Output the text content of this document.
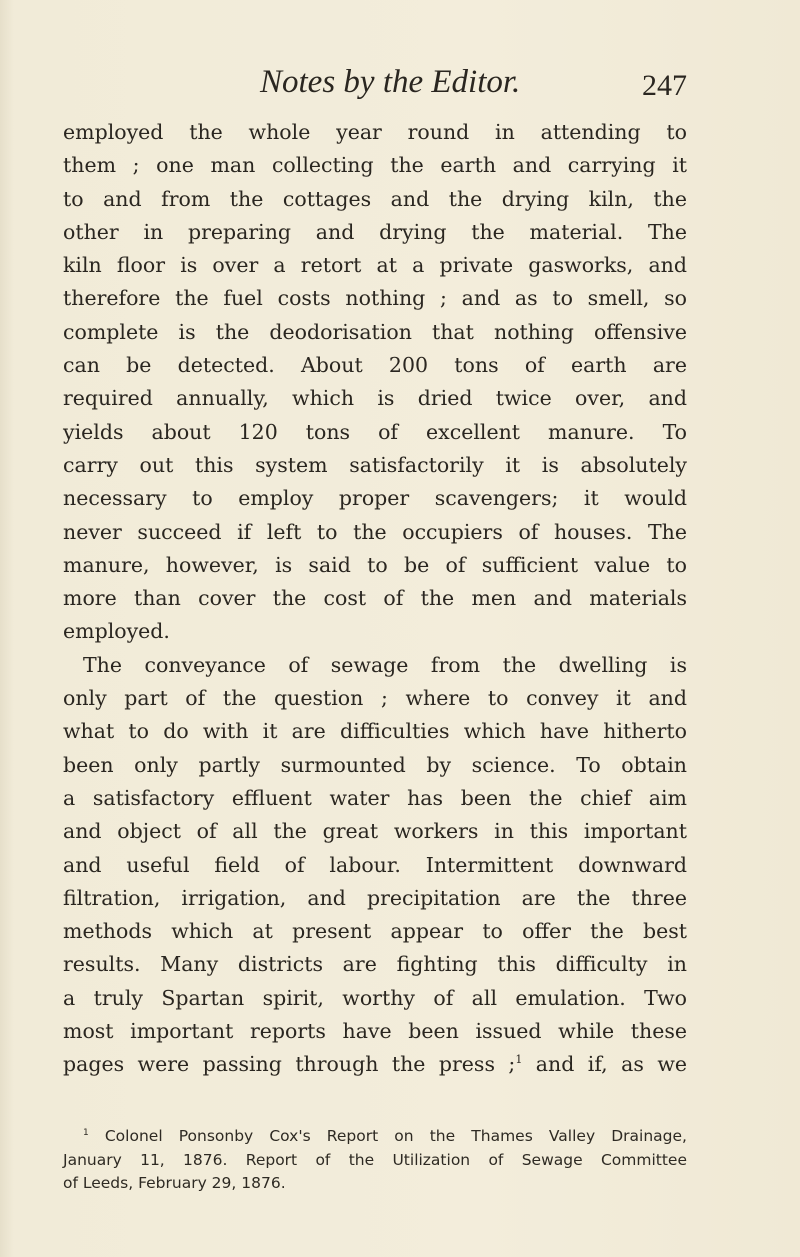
Notes by the Editor.	247
employed the whole year round in attending to
them ; one man collecting the earth and carrying it
to and from the cottages and the drying kiln, the
other in preparing and drying the material. The
kiln floor is over a retort at a private gasworks, and
therefore the fuel costs nothing ; and as to smell, so
complete is the deodorisation that nothing offensive
can be detected. About 200 tons of earth are
required annually, which is dried twice over, and
yields about 120 tons of excellent manure. To
carry out this system satisfactorily it is absolutely
necessary to employ proper scavengers; it would
never succeed if left to the occupiers of houses. The
manure, however, is said to be of sufficient value to
more than cover the cost of the men and materials
employed.
The conveyance of sewage from the dwelling is
only part of the question ; where to convey it and
what to do with it are difficulties which have hitherto
been only partly surmounted by science. To obtain
a satisfactory effluent water has been the chief aim
and object of all the great workers in this important
and useful field of labour. Intermittent downward
filtration, irrigation, and precipitation are the three
methods which at present appear to offer the best
results. Many districts are fighting this difficulty in
a truly Spartan spirit, worthy of all emulation. Two
most important reports have been issued while these
pages were passing through the press ;$^1$ and if, as we
$^1$ Colonel Ponsonby Cox's Report on the Thames Valley Drainage,
January 11, 1876. Report of the Utilization of Sewage Committee
of Leeds, February 29, 1876.
